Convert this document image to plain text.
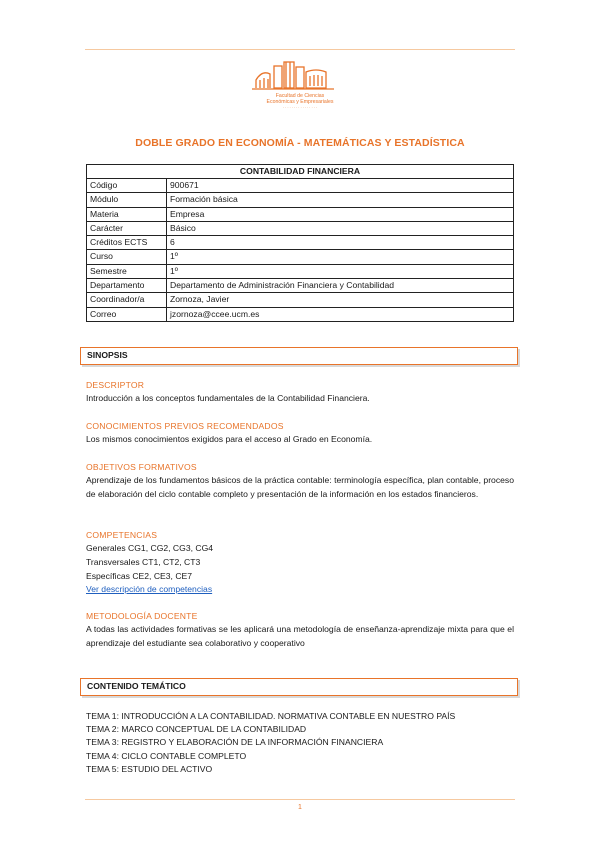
Facultad de Ciencias
Económicas y Empresariales
· · · · · · · · · · · · · · · ·
DOBLE GRADO EN ECONOMÍA - MATEMÁTICAS Y ESTADÍSTICA
CONTABILIDAD FINANCIERA	
Código	900671
Módulo	Formación básica
Materia	Empresa
Carácter	Básico
Créditos ECTS	6
Curso	1º
Semestre	1º
Departamento	Departamento de Administración Financiera y Contabilidad
Coordinador/a	Zornoza, Javier
Correo	jzornoza@ccee.ucm.es
SINOPSIS
DESCRIPTOR
Introducción a los conceptos fundamentales de la Contabilidad Financiera.
CONOCIMIENTOS PREVIOS RECOMENDADOS
Los mismos conocimientos exigidos para el acceso al Grado en Economía.
OBJETIVOS FORMATIVOS
Aprendizaje de los fundamentos básicos de la práctica contable: terminología específica, plan contable, proceso de elaboración del ciclo contable completo y presentación de la información en los estados financieros.
COMPETENCIAS
Generales CG1, CG2, CG3, CG4
Transversales CT1, CT2, CT3
Específicas CE2, CE3, CE7
Ver descripción de competencias
METODOLOGÍA DOCENTE
A todas las actividades formativas se les aplicará una metodología de enseñanza-aprendizaje mixta para que el aprendizaje del estudiante sea colaborativo y cooperativo
CONTENIDO TEMÁTICO
TEMA 1: INTRODUCCIÓN A LA CONTABILIDAD. NORMATIVA CONTABLE EN NUESTRO PAÍS
TEMA 2: MARCO CONCEPTUAL DE LA CONTABILIDAD
TEMA 3: REGISTRO Y ELABORACIÓN DE LA INFORMACIÓN FINANCIERA
TEMA 4: CICLO CONTABLE COMPLETO
TEMA 5: ESTUDIO DEL ACTIVO
1
